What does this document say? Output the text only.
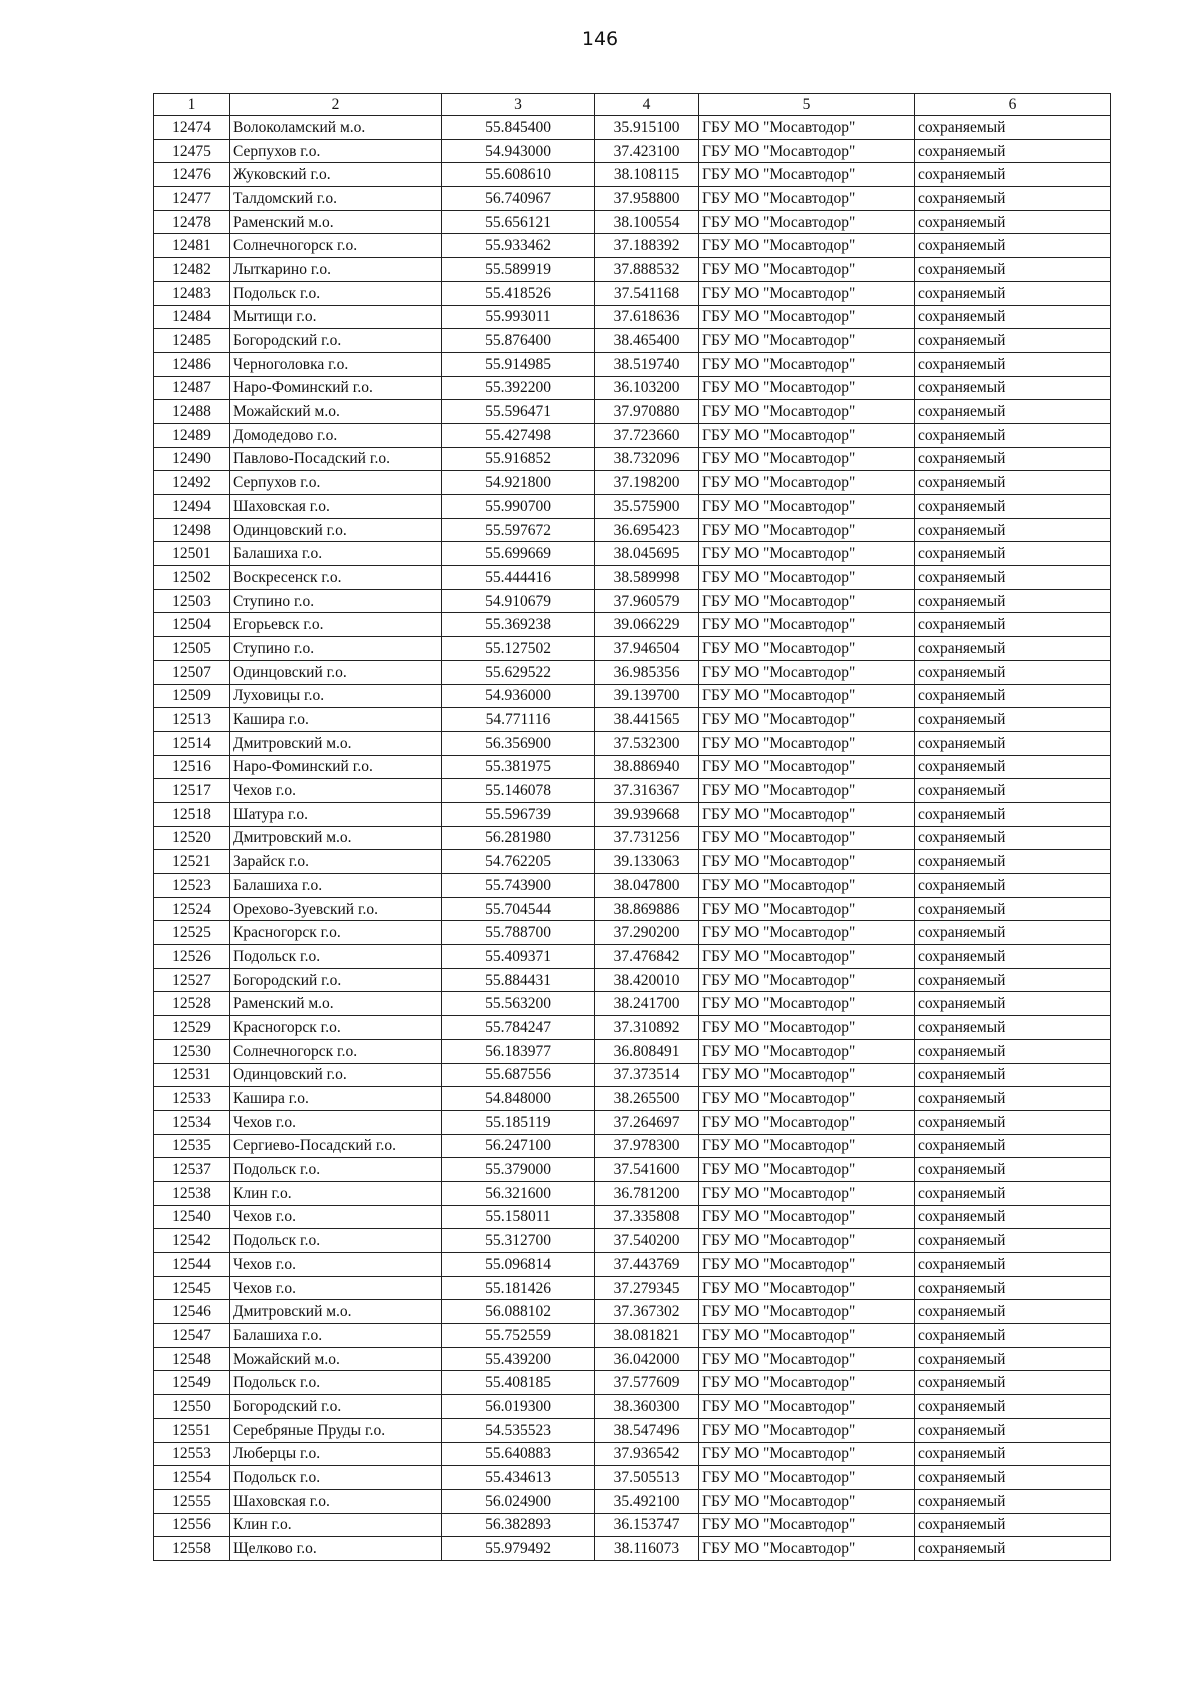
146
1	2	3	4	5	6
12474	Волоколамский м.о.	55.845400	35.915100	ГБУ МО "Мосавтодор"	сохраняемый
12475	Серпухов г.о.	54.943000	37.423100	ГБУ МО "Мосавтодор"	сохраняемый
12476	Жуковский г.о.	55.608610	38.108115	ГБУ МО "Мосавтодор"	сохраняемый
12477	Талдомский г.о.	56.740967	37.958800	ГБУ МО "Мосавтодор"	сохраняемый
12478	Раменский м.о.	55.656121	38.100554	ГБУ МО "Мосавтодор"	сохраняемый
12481	Солнечногорск г.о.	55.933462	37.188392	ГБУ МО "Мосавтодор"	сохраняемый
12482	Лыткарино г.о.	55.589919	37.888532	ГБУ МО "Мосавтодор"	сохраняемый
12483	Подольск г.о.	55.418526	37.541168	ГБУ МО "Мосавтодор"	сохраняемый
12484	Мытищи г.о.	55.993011	37.618636	ГБУ МО "Мосавтодор"	сохраняемый
12485	Богородский г.о.	55.876400	38.465400	ГБУ МО "Мосавтодор"	сохраняемый
12486	Черноголовка г.о.	55.914985	38.519740	ГБУ МО "Мосавтодор"	сохраняемый
12487	Наро-Фоминский г.о.	55.392200	36.103200	ГБУ МО "Мосавтодор"	сохраняемый
12488	Можайский м.о.	55.596471	37.970880	ГБУ МО "Мосавтодор"	сохраняемый
12489	Домодедово г.о.	55.427498	37.723660	ГБУ МО "Мосавтодор"	сохраняемый
12490	Павлово-Посадский г.о.	55.916852	38.732096	ГБУ МО "Мосавтодор"	сохраняемый
12492	Серпухов г.о.	54.921800	37.198200	ГБУ МО "Мосавтодор"	сохраняемый
12494	Шаховская г.о.	55.990700	35.575900	ГБУ МО "Мосавтодор"	сохраняемый
12498	Одинцовский г.о.	55.597672	36.695423	ГБУ МО "Мосавтодор"	сохраняемый
12501	Балашиха г.о.	55.699669	38.045695	ГБУ МО "Мосавтодор"	сохраняемый
12502	Воскресенск г.о.	55.444416	38.589998	ГБУ МО "Мосавтодор"	сохраняемый
12503	Ступино г.о.	54.910679	37.960579	ГБУ МО "Мосавтодор"	сохраняемый
12504	Егорьевск г.о.	55.369238	39.066229	ГБУ МО "Мосавтодор"	сохраняемый
12505	Ступино г.о.	55.127502	37.946504	ГБУ МО "Мосавтодор"	сохраняемый
12507	Одинцовский г.о.	55.629522	36.985356	ГБУ МО "Мосавтодор"	сохраняемый
12509	Луховицы г.о.	54.936000	39.139700	ГБУ МО "Мосавтодор"	сохраняемый
12513	Кашира г.о.	54.771116	38.441565	ГБУ МО "Мосавтодор"	сохраняемый
12514	Дмитровский м.о.	56.356900	37.532300	ГБУ МО "Мосавтодор"	сохраняемый
12516	Наро-Фоминский г.о.	55.381975	38.886940	ГБУ МО "Мосавтодор"	сохраняемый
12517	Чехов г.о.	55.146078	37.316367	ГБУ МО "Мосавтодор"	сохраняемый
12518	Шатура г.о.	55.596739	39.939668	ГБУ МО "Мосавтодор"	сохраняемый
12520	Дмитровский м.о.	56.281980	37.731256	ГБУ МО "Мосавтодор"	сохраняемый
12521	Зарайск г.о.	54.762205	39.133063	ГБУ МО "Мосавтодор"	сохраняемый
12523	Балашиха г.о.	55.743900	38.047800	ГБУ МО "Мосавтодор"	сохраняемый
12524	Орехово-Зуевский г.о.	55.704544	38.869886	ГБУ МО "Мосавтодор"	сохраняемый
12525	Красногорск г.о.	55.788700	37.290200	ГБУ МО "Мосавтодор"	сохраняемый
12526	Подольск г.о.	55.409371	37.476842	ГБУ МО "Мосавтодор"	сохраняемый
12527	Богородский г.о.	55.884431	38.420010	ГБУ МО "Мосавтодор"	сохраняемый
12528	Раменский м.о.	55.563200	38.241700	ГБУ МО "Мосавтодор"	сохраняемый
12529	Красногорск г.о.	55.784247	37.310892	ГБУ МО "Мосавтодор"	сохраняемый
12530	Солнечногорск г.о.	56.183977	36.808491	ГБУ МО "Мосавтодор"	сохраняемый
12531	Одинцовский г.о.	55.687556	37.373514	ГБУ МО "Мосавтодор"	сохраняемый
12533	Кашира г.о.	54.848000	38.265500	ГБУ МО "Мосавтодор"	сохраняемый
12534	Чехов г.о.	55.185119	37.264697	ГБУ МО "Мосавтодор"	сохраняемый
12535	Сергиево-Посадский г.о.	56.247100	37.978300	ГБУ МО "Мосавтодор"	сохраняемый
12537	Подольск г.о.	55.379000	37.541600	ГБУ МО "Мосавтодор"	сохраняемый
12538	Клин г.о.	56.321600	36.781200	ГБУ МО "Мосавтодор"	сохраняемый
12540	Чехов г.о.	55.158011	37.335808	ГБУ МО "Мосавтодор"	сохраняемый
12542	Подольск г.о.	55.312700	37.540200	ГБУ МО "Мосавтодор"	сохраняемый
12544	Чехов г.о.	55.096814	37.443769	ГБУ МО "Мосавтодор"	сохраняемый
12545	Чехов г.о.	55.181426	37.279345	ГБУ МО "Мосавтодор"	сохраняемый
12546	Дмитровский м.о.	56.088102	37.367302	ГБУ МО "Мосавтодор"	сохраняемый
12547	Балашиха г.о.	55.752559	38.081821	ГБУ МО "Мосавтодор"	сохраняемый
12548	Можайский м.о.	55.439200	36.042000	ГБУ МО "Мосавтодор"	сохраняемый
12549	Подольск г.о.	55.408185	37.577609	ГБУ МО "Мосавтодор"	сохраняемый
12550	Богородский г.о.	56.019300	38.360300	ГБУ МО "Мосавтодор"	сохраняемый
12551	Серебряные Пруды г.о.	54.535523	38.547496	ГБУ МО "Мосавтодор"	сохраняемый
12553	Люберцы г.о.	55.640883	37.936542	ГБУ МО "Мосавтодор"	сохраняемый
12554	Подольск г.о.	55.434613	37.505513	ГБУ МО "Мосавтодор"	сохраняемый
12555	Шаховская г.о.	56.024900	35.492100	ГБУ МО "Мосавтодор"	сохраняемый
12556	Клин г.о.	56.382893	36.153747	ГБУ МО "Мосавтодор"	сохраняемый
12558	Щелково г.о.	55.979492	38.116073	ГБУ МО "Мосавтодор"	сохраняемый
